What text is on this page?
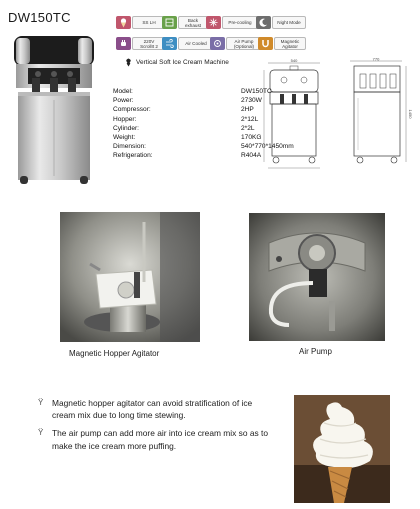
DW150TC	SS LH	Back
exhaust	Pre-cooling	Night Mode
220V
ScrollIt 2	Air Cooled	Air Pump
(Optional)
Magnetic
Agitator
Vertical Soft Ice Cream Machine
Model:	DW150TC
Power:	2730W
Compressor:	2HP
Hopper:	2*12L
Cylinder:	2*2L
Weight:	170KG
Dimension:	540*770*1450mm
Refrigeration:	R404A
540	770
1450
Magnetic Hopper Agitator	Air Pump
Ÿ Magnetic hopper agitator can avoid stratification of ice cream mix due to long time stewing.
Ÿ The air pump can add more air into ice cream mix so as to make the ice cream more puffing.
